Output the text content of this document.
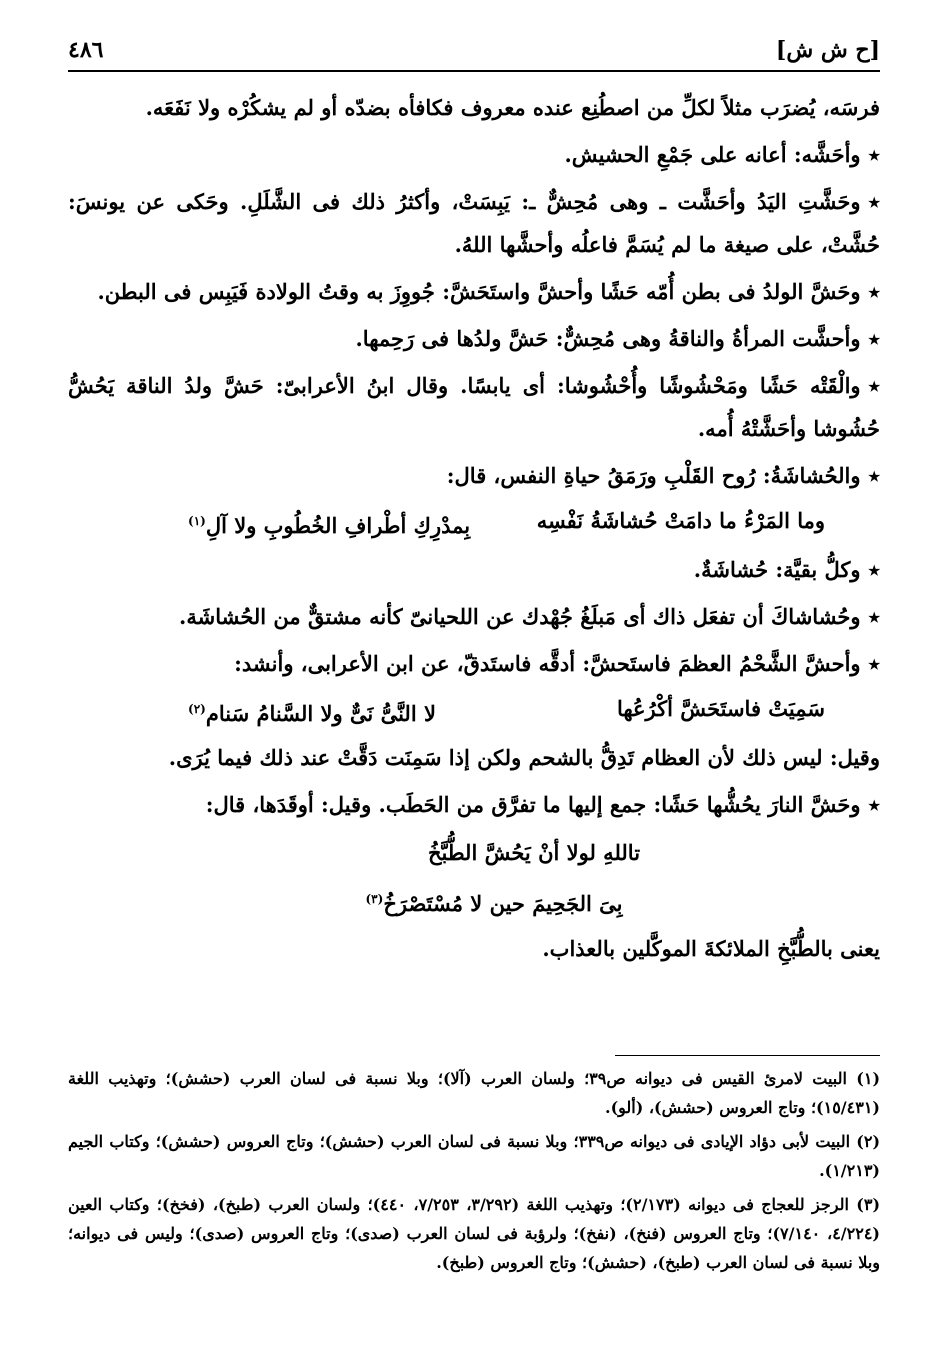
٤٨٦	[ح ش ش]

فرسَه، يُضرَب مثلاً لكلِّ من اصطُنِع عنده معروف فكافأه بضدّه أو لم يشكُرْه ولا نَفَعَه.

٭وأحَشَّه: أعانه على جَمْعِ الحشيش.

٭وحَشَّتِ اليَدُ وأحَشَّت ـ وهى مُحِشٌّ ـ: يَبِسَتْ، وأكثرُ ذلك فى الشَّلَلِ. وحَكى عن يونسَ: حُشَّتْ، على صيغة ما لم يُسَمَّ فاعلُه وأحشَّها اللهُ.

٭وحَشَّ الولدُ فى بطن أُمّه حَشًا وأحشَّ واستَحَشَّ: جُووِزَ به وقتُ الولادة فَيَبِس فى البطن.

٭وأحشَّت المرأةُ والناقةُ وهى مُحِشٌّ: حَشَّ ولدُها فى رَحِمها.

٭والْقَتْه حَشًا ومَحْشُوشًا وأُحْشُوشا: أى يابسًا. وقال ابنُ الأعرابىّ: حَشَّ ولدُ الناقة يَحُشُّ حُشُوشا وأحَشَّتْهُ أُمه.

٭والحُشاشَةُ: رُوح القَلْبِ ورَمَقُ حياةِ النفس، قال:

وما المَرْءُ ما دامَتْ حُشاشَةُ نَفْسِه
بِمدْرِكِ أطْرافِ الخُطُوبِ ولا آلِ$^{(١)}$

٭وكلُّ بقيَّة: حُشاشَةٌ.

٭وحُشاشاكَ أن تفعَل ذاك أى مَبلَغُ جُهْدك عن اللحيانىّ كأنه مشتقٌّ من الحُشاشَة.

٭وأحشَّ الشَّحْمُ العظمَ فاستَحشَّ: أدقَّه فاستَدقّ، عن ابن الأعرابى، وأنشد:

سَمِيَتْ فاستَحَشَّ أكْرُعُها
لا النَّىُّ نَىٌّ ولا السَّنامُ سَنام$^{(٢)}$

وقيل: ليس ذلك لأن العظام تَدِقُّ بالشحم ولكن إذا سَمِنَت دَقَّتْ عند ذلك فيما يُرَى.

٭وحَشَّ النارَ يحُشُّها حَشًا: جمع إليها ما تفرَّق من الحَطَب. وقيل: أوقَدَها، قال:

تاللهِ لولا أنْ يَحُشَّ الطُّبَّخُ
بِىَ الجَحِيمَ حين لا مُسْتَصْرَخُ$^{(٣)}$

يعنى بالطُّبَّخِ الملائكةَ الموكَّلين بالعذاب.

(١) البيت لامرئ القيس فى ديوانه ص٣٩؛ ولسان العرب (آلا)؛ وبلا نسبة فى لسان العرب (حشش)؛ وتهذيب اللغة (١٥/٤٣١)؛ وتاج العروس (حشش)، (ألو).

(٢) البيت لأبى دؤاد الإيادى فى ديوانه ص٣٣٩؛ وبلا نسبة فى لسان العرب (حشش)؛ وتاج العروس (حشش)؛ وكتاب الجيم (١/٢١٣).

(٣) الرجز للعجاج فى ديوانه (٢/١٧٣)؛ وتهذيب اللغة (٣/٢٩٢، ٧/٢٥٣، ٤٤٠)؛ ولسان العرب (طبخ)، (فخخ)؛ وكتاب العين (٤/٢٢٤، ٧/١٤٠)؛ وتاج العروس (فنخ)، (نفخ)؛ ولرؤبة فى لسان العرب (صدى)؛ وتاج العروس (صدى)؛ وليس فى ديوانه؛ وبلا نسبة فى لسان العرب (طبخ)، (حشش)؛ وتاج العروس (طبخ).
